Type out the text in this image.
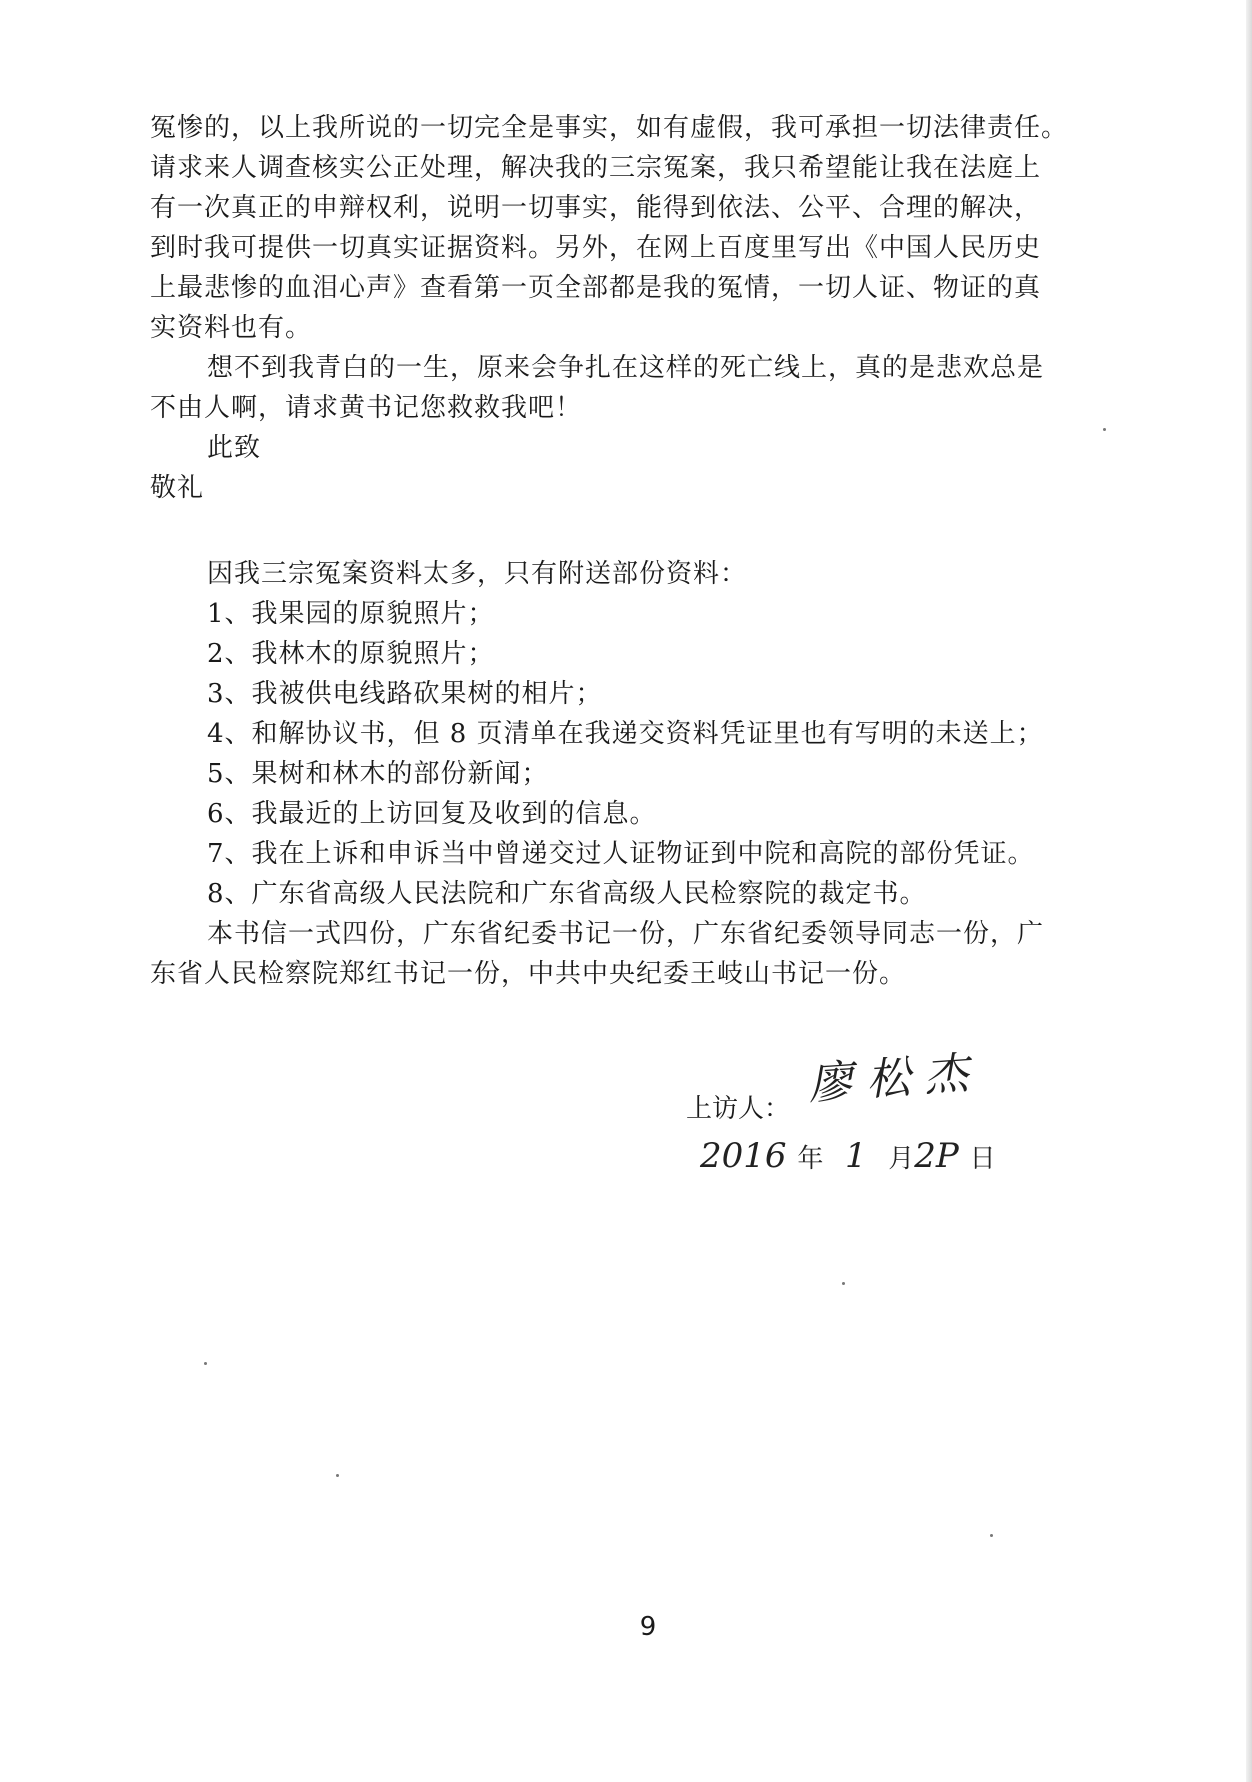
冤惨的，以上我所说的一切完全是事实，如有虚假，我可承担一切法律责任。
请求来人调查核实公正处理，解决我的三宗冤案，我只希望能让我在法庭上
有一次真正的申辩权利，说明一切事实，能得到依法、公平、合理的解决，
到时我可提供一切真实证据资料。另外，在网上百度里写出《中国人民历史
上最悲惨的血泪心声》查看第一页全部都是我的冤情，一切人证、物证的真
实资料也有。
想不到我青白的一生，原来会争扎在这样的死亡线上，真的是悲欢总是
不由人啊，请求黄书记您救救我吧！
此致
敬礼
因我三宗冤案资料太多，只有附送部份资料：
1、我果园的原貌照片；
2、我林木的原貌照片；
3、我被供电线路砍果树的相片；
4、和解协议书，但 8 页清单在我递交资料凭证里也有写明的未送上；
5、果树和林木的部份新闻；
6、我最近的上访回复及收到的信息。
7、我在上诉和申诉当中曾递交过人证物证到中院和高院的部份凭证。
8、广东省高级人民法院和广东省高级人民检察院的裁定书。
本书信一式四份，广东省纪委书记一份，广东省纪委领导同志一份，广
东省人民检察院郑红书记一份，中共中央纪委王岐山书记一份。
廖松杰
上访人：
2016 年 1 月2P 日
9
